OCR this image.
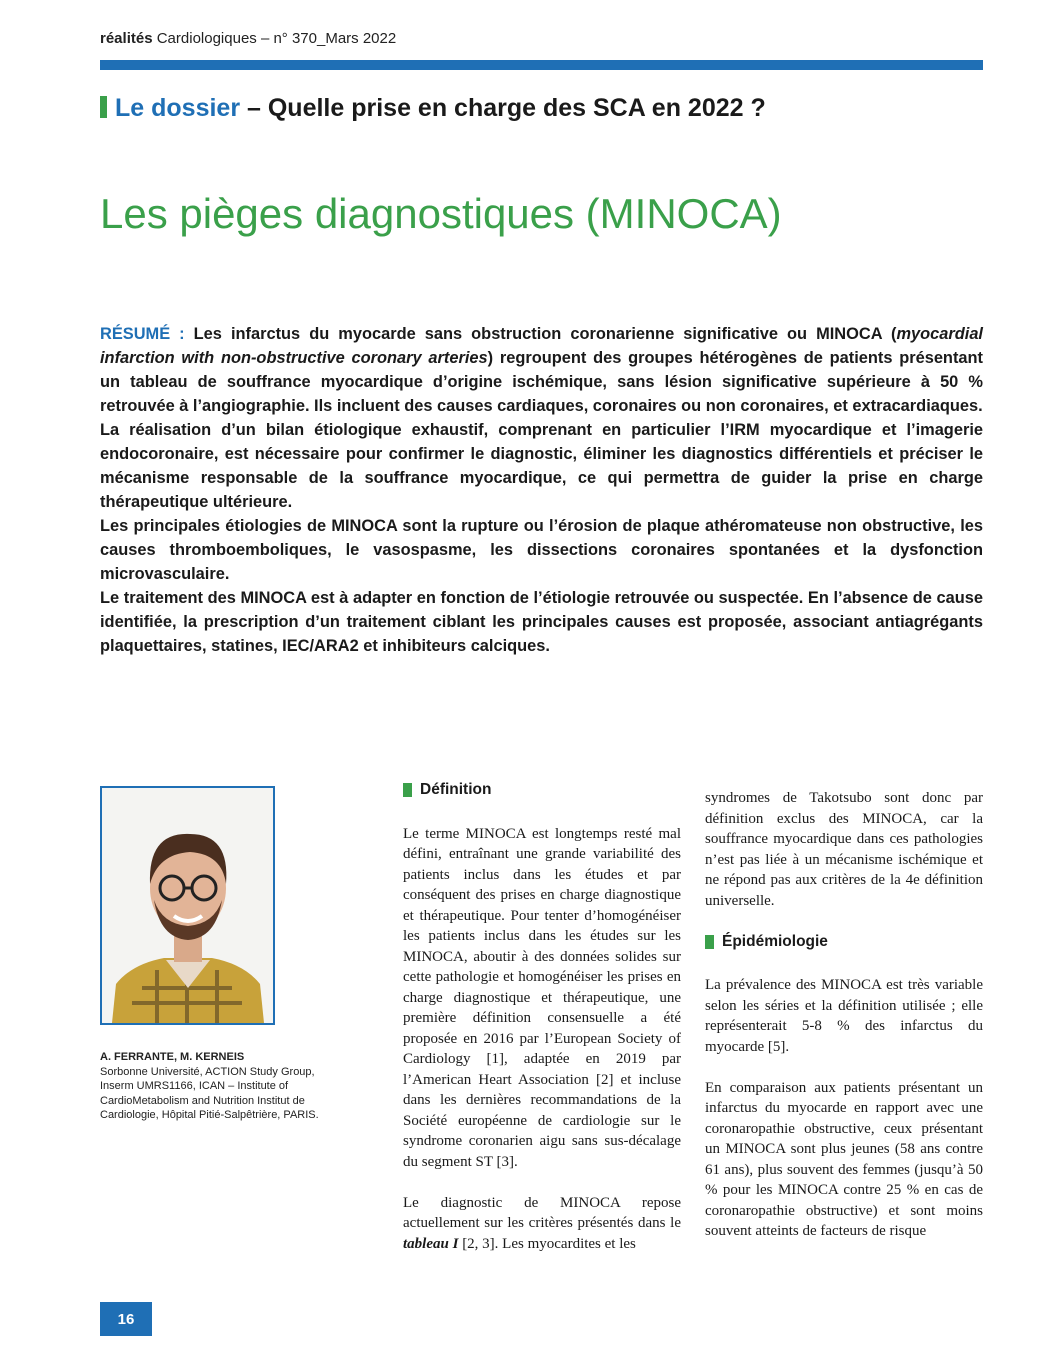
réalités Cardiologiques – n° 370_Mars 2022
Le dossier – Quelle prise en charge des SCA en 2022 ?
Les pièges diagnostiques (MINOCA)

RÉSUMÉ : Les infarctus du myocarde sans obstruction coronarienne significative ou MINOCA (myocardial infarction with non-obstructive coronary arteries) regroupent des groupes hétérogènes de patients présentant un tableau de souffrance myocardique d’origine ischémique, sans lésion significative supérieure à 50 % retrouvée à l’angiographie. Ils incluent des causes cardiaques, coronaires ou non coronaires, et extracardiaques.

La réalisation d’un bilan étiologique exhaustif, comprenant en particulier l’IRM myocardique et l’imagerie endocoronaire, est nécessaire pour confirmer le diagnostic, éliminer les diagnostics différentiels et préciser le mécanisme responsable de la souffrance myocardique, ce qui permettra de guider la prise en charge thérapeutique ultérieure.

Les principales étiologies de MINOCA sont la rupture ou l’érosion de plaque athéromateuse non obstructive, les causes thromboemboliques, le vasospasme, les dissections coronaires spontanées et la dysfonction microvasculaire.

Le traitement des MINOCA est à adapter en fonction de l’étiologie retrouvée ou suspectée. En l’absence de cause identifiée, la prescription d’un traitement ciblant les principales causes est proposée, associant antiagrégants plaquettaires, statines, IEC/ARA2 et inhibiteurs calciques.

A. FERRANTE, M. KERNEIS
Sorbonne Université, ACTION Study Group, Inserm UMRS1166, ICAN – Institute of CardioMetabolism and Nutrition Institut de Cardiologie, Hôpital Pitié-Salpêtrière, PARIS.
Définition

Le terme MINOCA est longtemps resté mal défini, entraînant une grande variabilité des patients inclus dans les études et par conséquent des prises en charge diagnostique et thérapeutique. Pour tenter d’homogénéiser les patients inclus dans les études sur les MINOCA, aboutir à des données solides sur cette pathologie et homogénéiser les prises en charge diagnostique et thérapeutique, une première définition consensuelle a été proposée en 2016 par l’European Society of Cardiology [1], adaptée en 2019 par l’American Heart Association [2] et incluse dans les dernières recommandations de la Société européenne de cardiologie sur le syndrome coronarien aigu sans sus-décalage du segment ST [3].

Le diagnostic de MINOCA repose actuellement sur les critères présentés dans le tableau I [2, 3]. Les myocardites et les

syndromes de Takotsubo sont donc par définition exclus des MINOCA, car la souffrance myocardique dans ces pathologies n’est pas liée à un mécanisme ischémique et ne répond pas aux critères de la 4e définition universelle.

Épidémiologie

La prévalence des MINOCA est très variable selon les séries et la définition utilisée ; elle représenterait 5-8 % des infarctus du myocarde [5].

En comparaison aux patients présentant un infarctus du myocarde en rapport avec une coronaropathie obstructive, ceux présentant un MINOCA sont plus jeunes (58 ans contre 61 ans), plus souvent des femmes (jusqu’à 50 % pour les MINOCA contre 25 % en cas de coronaropathie obstructive) et sont moins souvent atteints de facteurs de risque

16
